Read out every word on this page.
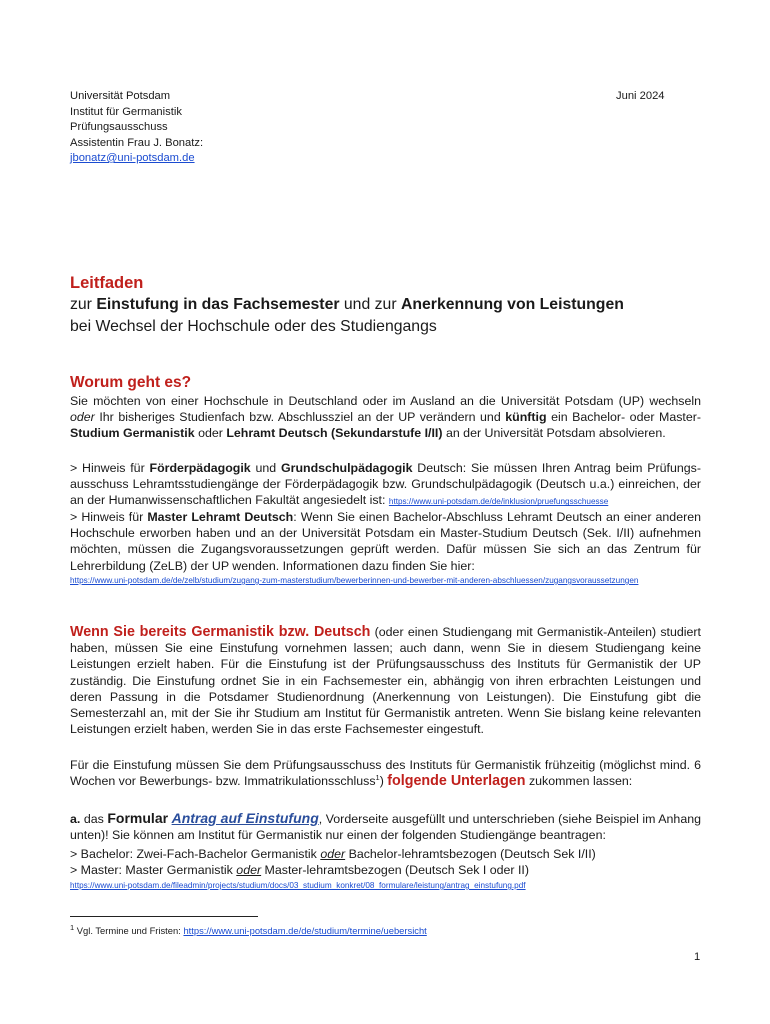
Universität Potsdam
Institut für Germanistik
Prüfungsausschuss
Assistentin Frau J. Bonatz:
jbonatz@uni-potsdam.de
Juni 2024
Leitfaden
zur Einstufung in das Fachsemester und zur Anerkennung von Leistungen
bei Wechsel der Hochschule oder des Studiengangs
Worum geht es?
Sie möchten von einer Hochschule in Deutschland oder im Ausland an die Universität Potsdam (UP) wechseln oder Ihr bisheriges Studienfach bzw. Abschlussziel an der UP verändern und künftig ein Bachelor- oder Master-Studium Germanistik oder Lehramt Deutsch (Sekundarstufe I/II) an der Universität Potsdam absolvieren.
> Hinweis für Förderpädagogik und Grundschulpädagogik Deutsch: Sie müssen Ihren Antrag beim Prüfungsausschuss Lehramtsstudiengänge der Förderpädagogik bzw. Grundschulpädagogik (Deutsch u.a.) einreichen, der an der Humanwissenschaftlichen Fakultät angesiedelt ist: https://www.uni-potsdam.de/de/inklusion/pruefungsschuesse
> Hinweis für Master Lehramt Deutsch: Wenn Sie einen Bachelor-Abschluss Lehramt Deutsch an einer anderen Hochschule erworben haben und an der Universität Potsdam ein Master-Studium Deutsch (Sek. I/II) aufnehmen möchten, müssen die Zugangsvoraussetzungen geprüft werden. Dafür müssen Sie sich an das Zentrum für Lehrerbildung (ZeLB) der UP wenden. Informationen dazu finden Sie hier:
https://www.uni-potsdam.de/de/zelb/studium/zugang-zum-masterstudium/bewerberinnen-und-bewerber-mit-anderen-abschluessen/zugangsvoraussetzungen
Wenn Sie bereits Germanistik bzw. Deutsch (oder einen Studiengang mit Germanistik-Anteilen) studiert haben, müssen Sie eine Einstufung vornehmen lassen; auch dann, wenn Sie in diesem Studiengang keine Leistungen erzielt haben. Für die Einstufung ist der Prüfungsausschuss des Instituts für Germanistik der UP zuständig. Die Einstufung ordnet Sie in ein Fachsemester ein, abhängig von ihren erbrachten Leistungen und deren Passung in die Potsdamer Studienordnung (Anerkennung von Leistungen). Die Einstufung gibt die Semesterzahl an, mit der Sie ihr Studium am Institut für Germanistik antreten. Wenn Sie bislang keine relevanten Leistungen erzielt haben, werden Sie in das erste Fachsemester eingestuft.
Für die Einstufung müssen Sie dem Prüfungsausschuss des Instituts für Germanistik frühzeitig (möglichst mind. 6 Wochen vor Bewerbungs- bzw. Immatrikulationsschluss$^1$) folgende Unterlagen zukommen lassen:
a. das Formular Antrag auf Einstufung, Vorderseite ausgefüllt und unterschrieben (siehe Beispiel im Anhang unten)! Sie können am Institut für Germanistik nur einen der folgenden Studiengänge beantragen:
> Bachelor: Zwei-Fach-Bachelor Germanistik oder Bachelor-lehramtsbezogen (Deutsch Sek I/II)
> Master: Master Germanistik oder Master-lehramtsbezogen (Deutsch Sek I oder II)
https://www.uni-potsdam.de/fileadmin/projects/studium/docs/03_studium_konkret/08_formulare/leistung/antrag_einstufung.pdf
$^1$ Vgl. Termine und Fristen: https://www.uni-potsdam.de/de/studium/termine/uebersicht
1
